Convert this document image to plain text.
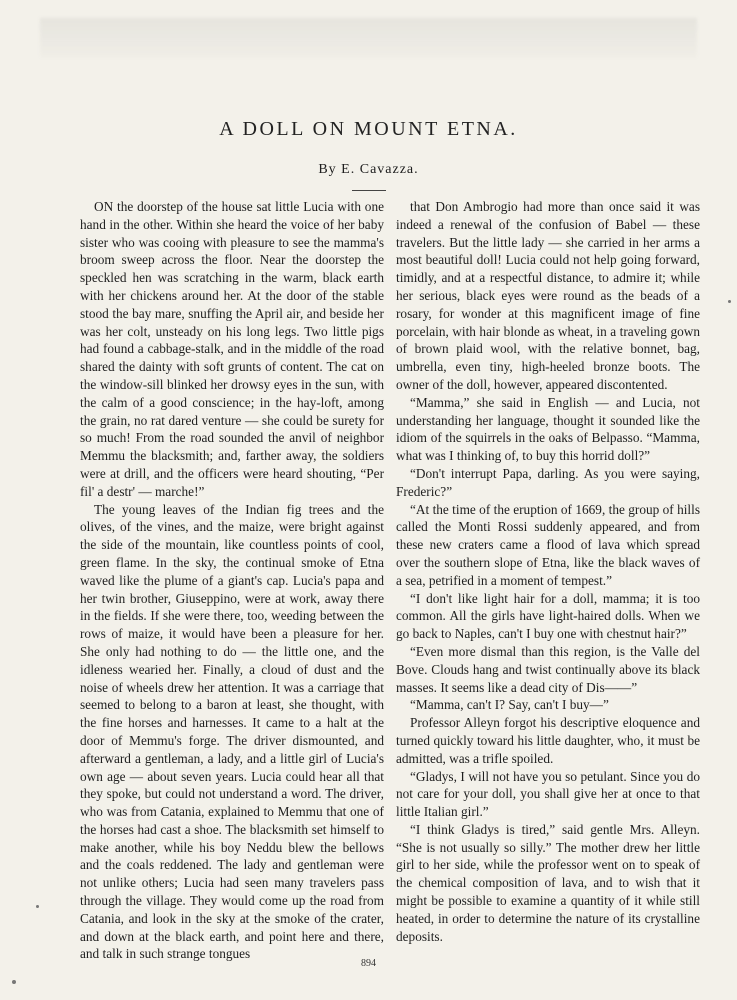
A DOLL ON MOUNT ETNA.
By E. Cavazza.

ON the doorstep of the house sat little Lucia with one hand in the other. Within she heard the voice of her baby sister who was cooing with pleasure to see the mamma's broom sweep across the floor. Near the doorstep the speckled hen was scratching in the warm, black earth with her chickens around her. At the door of the stable stood the bay mare, snuffing the April air, and beside her was her colt, unsteady on his long legs. Two little pigs had found a cabbage-stalk, and in the middle of the road shared the dainty with soft grunts of content. The cat on the window-sill blinked her drowsy eyes in the sun, with the calm of a good conscience; in the hay-loft, among the grain, no rat dared venture — she could be surety for so much! From the road sounded the anvil of neighbor Memmu the blacksmith; and, farther away, the soldiers were at drill, and the officers were heard shouting, “Per fil' a destr' — marche!”

The young leaves of the Indian fig trees and the olives, of the vines, and the maize, were bright against the side of the mountain, like countless points of cool, green flame. In the sky, the continual smoke of Etna waved like the plume of a giant's cap. Lucia's papa and her twin brother, Giuseppino, were at work, away there in the fields. If she were there, too, weeding between the rows of maize, it would have been a pleasure for her. She only had nothing to do — the little one, and the idleness wearied her. Finally, a cloud of dust and the noise of wheels drew her attention. It was a carriage that seemed to belong to a baron at least, she thought, with the fine horses and harnesses. It came to a halt at the door of Memmu's forge. The driver dismounted, and afterward a gentleman, a lady, and a little girl of Lucia's own age — about seven years. Lucia could hear all that they spoke, but could not understand a word. The driver, who was from Catania, explained to Memmu that one of the horses had cast a shoe. The blacksmith set himself to make another, while his boy Neddu blew the bellows and the coals reddened. The lady and gentleman were not unlike others; Lucia had seen many travelers pass through the village. They would come up the road from Catania, and look in the sky at the smoke of the crater, and down at the black earth, and point here and there, and talk in such strange tongues

that Don Ambrogio had more than once said it was indeed a renewal of the confusion of Babel — these travelers. But the little lady — she carried in her arms a most beautiful doll! Lucia could not help going forward, timidly, and at a respectful distance, to admire it; while her serious, black eyes were round as the beads of a rosary, for wonder at this magnificent image of fine porcelain, with hair blonde as wheat, in a traveling gown of brown plaid wool, with the relative bonnet, bag, umbrella, even tiny, high-heeled bronze boots. The owner of the doll, however, appeared discontented.

“Mamma,” she said in English — and Lucia, not understanding her language, thought it sounded like the idiom of the squirrels in the oaks of Belpasso. “Mamma, what was I thinking of, to buy this horrid doll?”

“Don't interrupt Papa, darling. As you were saying, Frederic?”

“At the time of the eruption of 1669, the group of hills called the Monti Rossi suddenly appeared, and from these new craters came a flood of lava which spread over the southern slope of Etna, like the black waves of a sea, petrified in a moment of tempest.”

“I don't like light hair for a doll, mamma; it is too common. All the girls have light-haired dolls. When we go back to Naples, can't I buy one with chestnut hair?”

“Even more dismal than this region, is the Valle del Bove. Clouds hang and twist continually above its black masses. It seems like a dead city of Dis——”

“Mamma, can't I? Say, can't I buy—”

Professor Alleyn forgot his descriptive eloquence and turned quickly toward his little daughter, who, it must be admitted, was a trifle spoiled.

“Gladys, I will not have you so petulant. Since you do not care for your doll, you shall give her at once to that little Italian girl.”

“I think Gladys is tired,” said gentle Mrs. Alleyn. “She is not usually so silly.” The mother drew her little girl to her side, while the professor went on to speak of the chemical composition of lava, and to wish that it might be possible to examine a quantity of it while still heated, in order to determine the nature of its crystalline deposits.

894
